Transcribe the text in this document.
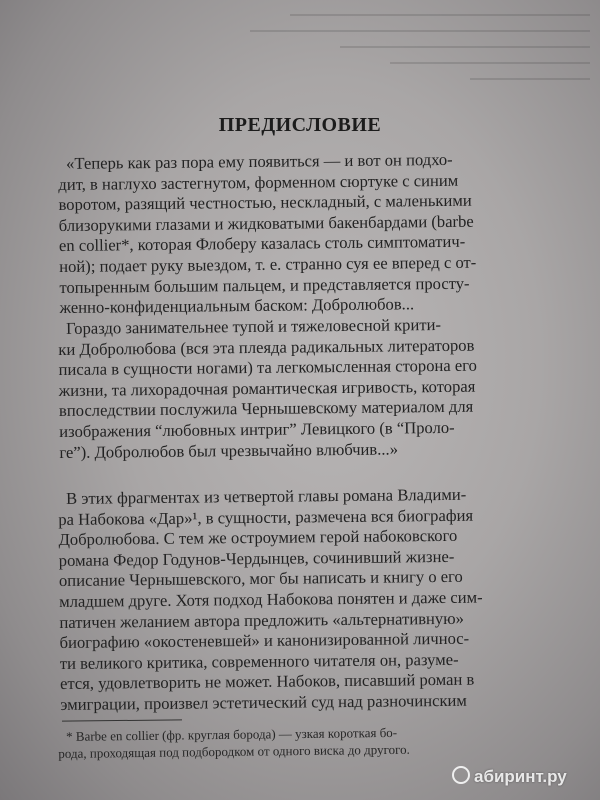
ПРЕДИСЛОВИЕ
«Теперь как раз пора ему появиться — и вот он подхо-
дит, в наглухо застегнутом, форменном сюртуке с синим
воротом, разящий честностью, нескладный, с маленькими
близорукими глазами и жидковатыми бакенбардами (barbe
en collier*, которая Флоберу казалась столь симптоматич-
ной); подает руку выездом, т. е. странно суя ее вперед с от-
топыренным большим пальцем, и представляется просту-
женно-конфиденциальным баском: Добролюбов...
Гораздо занимательнее тупой и тяжеловесной крити-
ки Добролюбова (вся эта плеяда радикальных литераторов
писала в сущности ногами) та легкомысленная сторона его
жизни, та лихорадочная романтическая игривость, которая
впоследствии послужила Чернышевскому материалом для
изображения “любовных интриг” Левицкого (в “Проло-
ге”). Добролюбов был чрезвычайно влюбчив...»
В этих фрагментах из четвертой главы романа Владими-
ра Набокова «Дар»¹, в сущности, размечена вся биография
Добролюбова. С тем же остроумием герой набоковского
романа Федор Годунов-Чердынцев, сочинивший жизне-
описание Чернышевского, мог бы написать и книгу о его
младшем друге. Хотя подход Набокова понятен и даже сим-
патичен желанием автора предложить «альтернативную»
биографию «окостеневшей» и канонизированной личнос-
ти великого критика, современного читателя он, разуме-
ется, удовлетворить не может. Набоков, писавший роман в
эмиграции, произвел эстетический суд над разночинским
* Barbe en collier (фр. круглая борода) — узкая короткая бо-
рода, проходящая под подбородком от одного виска до другого.
абиринт.ру
